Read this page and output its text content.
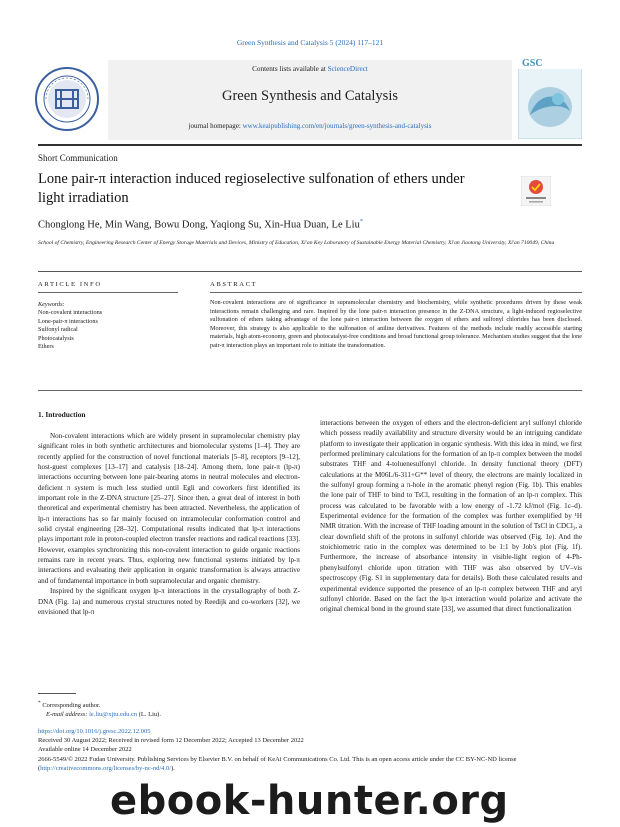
Green Synthesis and Catalysis 5 (2024) 117–121
Contents lists available at ScienceDirect
Green Synthesis and Catalysis
journal homepage: www.keaipublishing.com/en/journals/green-synthesis-and-catalysis
GSC
Short Communication
Lone pair-π interaction induced regioselective sulfonation of ethers under light irradiation
Chonglong He, Min Wang, Bowu Dong, Yaqiong Su, Xin-Hua Duan, Le Liu*
School of Chemistry, Engineering Research Center of Energy Storage Materials and Devices, Ministry of Education, Xi'an Key Laboratory of Sustainable Energy Material Chemistry, Xi'an Jiaotong University, Xi'an 710049, China
ARTICLE INFO	ABSTRACT
Keywords:
Non-covalent interactions
Lone-pair-π interactions
Sulfonyl radical
Photocatalysis
Ethers
Non-covalent interactions are of significance in supramolecular chemistry and biochemistry, while synthetic procedures driven by these weak interactions remain challenging and rare. Inspired by the lone pair-π interaction presence in the Z-DNA structure, a light-induced regioselective sulfonation of ethers taking advantage of the lone pair-π interaction between the oxygen of ethers and sulfonyl chlorides has been disclosed. Moreover, this strategy is also applicable to the sulfonation of aniline derivatives. Features of the methods include readily accessible starting materials, high atom-economy, green and photocatalyst-free conditions and broad functional group tolerance. Mechanism studies suggest that the lone pair-π interaction plays an important role to initiate the transformation.
1. Introduction

Non-covalent interactions which are widely present in supramolecular chemistry play significant roles in both synthetic architectures and biomolecular systems [1–4]. They are recently applied for the construction of novel functional materials [5–8], receptors [9–12], host-guest complexes [13–17] and catalysis [18–24]. Among them, lone pair-π (lp-π) interactions occurring between lone pair-bearing atoms in neutral molecules and electron-deficient π system is much less studied until Egli and coworkers first identified its important role in the Z-DNA structure [25–27]. Since then, a great deal of interest in both theoretical and experimental chemistry has been attracted. Nevertheless, the application of lp-π interactions has so far mainly focused on intramolecular conformation control and solid crystal engineering [28–32]. Computational results indicated that lp-π interactions plays important role in proton-coupled electron transfer reactions and radical reactions [33]. However, examples synchronizing this non-covalent interaction to guide organic reactions remains rare in recent years. Thus, exploring new functional systems initiated by lp-π interactions and evaluating their application in organic transformation is always attractive and of fundamental importance in both supramolecular and organic chemistry.

Inspired by the significant oxygen lp-π interactions in the crystallography of both Z-DNA (Fig. 1a) and numerous crystal structures noted by Reedijk and co-workers [32], we envisioned that lp-π

interactions between the oxygen of ethers and the electron-deficient aryl sulfonyl chloride which possess readily availability and structure diversity would be an intriguing candidate platform to investigate their application in organic synthesis. With this idea in mind, we first performed preliminary calculations for the formation of an lp-π complex between the model substrates THF and 4-toluenesulfonyl chloride. In density functional theory (DFT) calculations at the M06L/6-311+G** level of theory, the electrons are mainly localized in the sulfonyl group forming a π-hole in the aromatic phenyl region (Fig. 1b). This enables the lone pair of THF to bind to TsCl, resulting in the formation of an lp-π complex. This process was calculated to be favorable with a low energy of -1.72 kJ/mol (Fig. 1c–d). Experimental evidence for the formation of the complex was further exemplified by ¹H NMR titration. With the increase of THF loading amount in the solution of TsCl in CDCl₃, a clear downfield shift of the protons in sulfonyl chloride was observed (Fig. 1e). And the stoichiometric ratio in the complex was determined to be 1:1 by Job's plot (Fig. 1f). Furthermore, the increase of absorbance intensity in visible-light region of 4-Ph-phenylsulfonyl chloride upon titration with THF was also observed by UV–vis spectroscopy (Fig. S1 in supplementary data for details). Both these calculated results and experimental evidence supported the presence of an lp-π complex between THF and aryl sulfonyl chloride. Based on the fact the lp-π interaction would polarize and activate the original chemical bond in the ground state [33], we assumed that direct functionalization

* Corresponding author.
E-mail address: le.liu@xjtu.edu.cn (L. Liu).
https://doi.org/10.1016/j.gresc.2022.12.005
Received 30 August 2022; Received in revised form 12 December 2022; Accepted 13 December 2022
Available online 14 December 2022
2666-5549/© 2022 Fudan University. Publishing Services by Elsevier B.V. on behalf of KeAi Communications Co. Ltd. This is an open access article under the CC BY-NC-ND license (http://creativecommons.org/licenses/by-nc-nd/4.0/).
ebook-hunter.org
